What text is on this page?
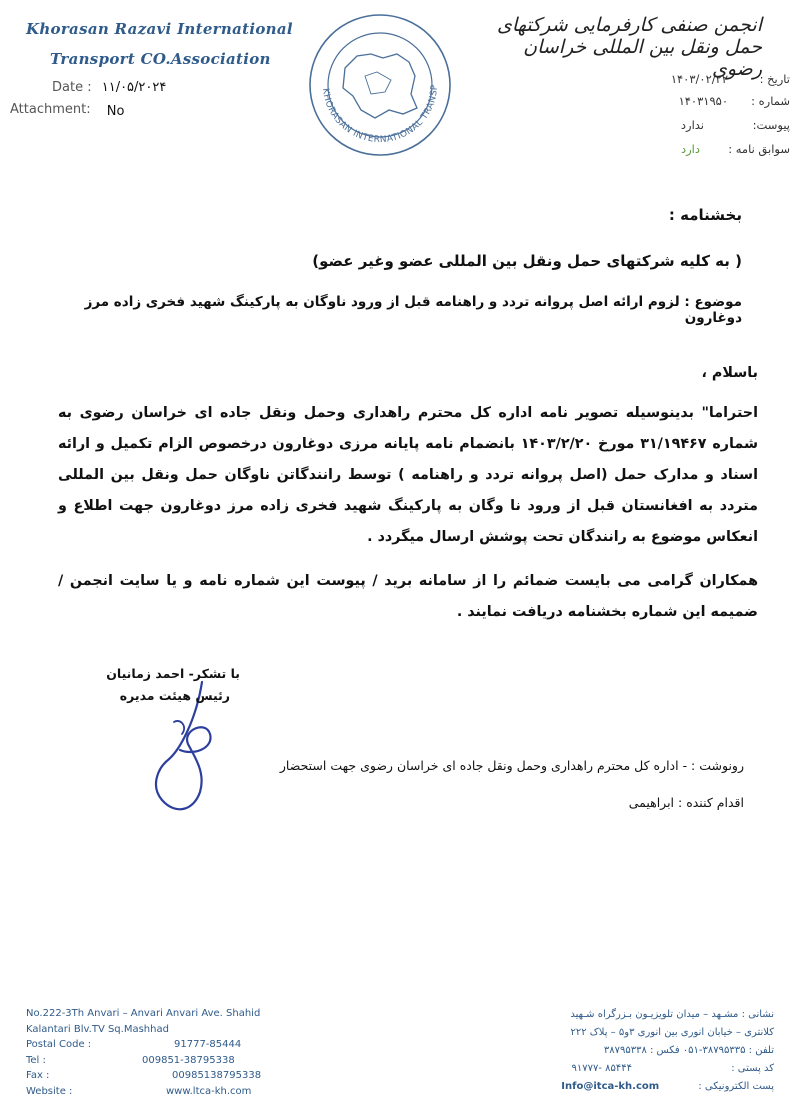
Khorasan Razavi International
Transport CO.Association
Date : ۱۱/۰۵/۲۰۲۴
Attachment: No
KHORASAN INTERNATIONAL TRANSP
انجمن صنفی کارفرمایی شرکتهای حمل ونقل بین المللی خراسان رضوی
تاریخ :
۱۴۰۳/۰۲/۲۲
شماره :
۱۴۰۳۱۹۵۰
پیوست:
ندارد
سوابق نامه :
دارد
بخشنامه :
( به کلیه شرکتهای حمل ونقل بین المللی عضو وغیر عضو)
موضوع : لزوم ارائه اصل پروانه تردد و راهنامه قبل از ورود ناوگان به پارکینگ شهید فخری زاده مرز دوغارون
باسلام ،
احتراما" بدینوسیله تصویر نامه اداره کل محترم راهداری وحمل ونقل جاده ای خراسان رضوی به شماره ۳۱/۱۹۴۶۷ مورخ ۱۴۰۳/۲/۲۰ بانضمام نامه پایانه مرزی دوغارون درخصوص الزام تکمیل و ارائه اسناد و مدارک حمل (اصل پروانه تردد و راهنامه ) توسط رانندگاتن ناوگان حمل ونقل بین المللی متردد به افغانستان قبل از ورود نا وگان به پارکینگ شهید فخری زاده مرز دوغارون جهت اطلاع و انعکاس موضوع به رانندگان تحت پوشش ارسال میگردد .
همکاران گرامی می بایست ضمائم را از سامانه برید / پیوست این شماره نامه و یا سایت انجمن / ضمیمه این شماره بخشنامه دریافت نمایند .
با تشکر- احمد زمانیان
رئیس هیئت مدیره
رونوشت : - اداره کل محترم راهداری وحمل ونقل جاده ای خراسان رضوی جهت استحضار
اقدام کننده : ابراهیمی
No.222-3Th Anvari – Anvari Anvari Ave. Shahid
Kalantari Blv.TV Sq.Mashhad
Postal Code :	91777-85444
Tel :	009851-38795338
Fax :	00985138795338
Website :	www.ltca-kh.com
نشانی : مشـهد – میدان تلویزیـون بـزرگراه شـهید
کلانتری – خیابان انوری بین انوری ۳و۵ – پلاک ۲۲۲
تلفن : ۳۸۷۹۵۳۳۵-۰۵۱ فکس : ۳۸۷۹۵۳۳۸
کد پستی : ۸۵۴۴۴ -۹۱۷۷۷
پست الکترونیکی : Info@itca-kh.com
